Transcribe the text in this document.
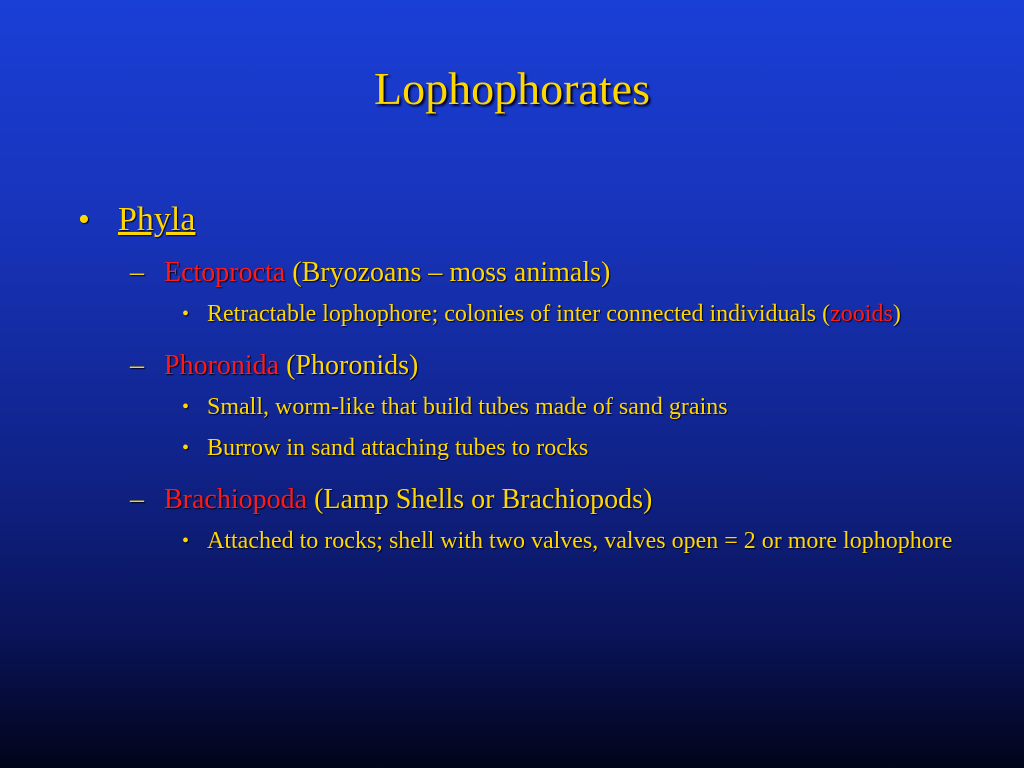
Lophophorates
• Phyla
– Ectoprocta (Bryozoans – moss animals)
• Retractable lophophore; colonies of inter connected individuals (zooids)
– Phoronida (Phoronids)
• Small, worm-like that build tubes made of sand grains
• Burrow in sand attaching tubes to rocks
– Brachiopoda (Lamp Shells or Brachiopods)
• Attached to rocks; shell with two valves, valves open = 2 or more lophophore
